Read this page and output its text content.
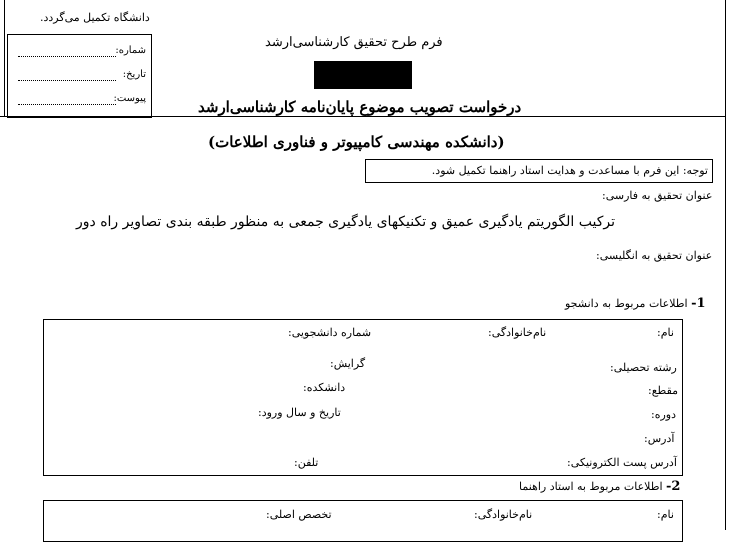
دانشگاه تکمیل می‌گردد.
شماره:
تاریخ:
پیوست:
فرم طرح تحقیق کارشناسی‌ارشد
درخواست تصویب موضوع پایان‌نامه کارشناسی‌ارشد
(دانشکده مهندسی کامپیوتر و فناوری اطلاعات)
توجه: این فرم با مساعدت و هدایت استاد راهنما تکمیل شود.
عنوان تحقیق به فارسی:
ترکیب الگوریتم یادگیری عمیق و تکنیکهای یادگیری جمعی به منظور طبقه بندی تصاویر راه دور
عنوان تحقیق به انگلیسی:
1- اطلاعات مربوط به دانشجو
نام:
نام‌خانوادگی:
شماره دانشجویی:
رشته تحصیلی:
گرایش:
مقطع:
دانشکده:
دوره:
تاریخ و سال ورود:
آدرس:
آدرس پست الکترونیکی:
تلفن:
2- اطلاعات مربوط به استاد راهنما
نام:
نام‌خانوادگی:
تخصص اصلی:
